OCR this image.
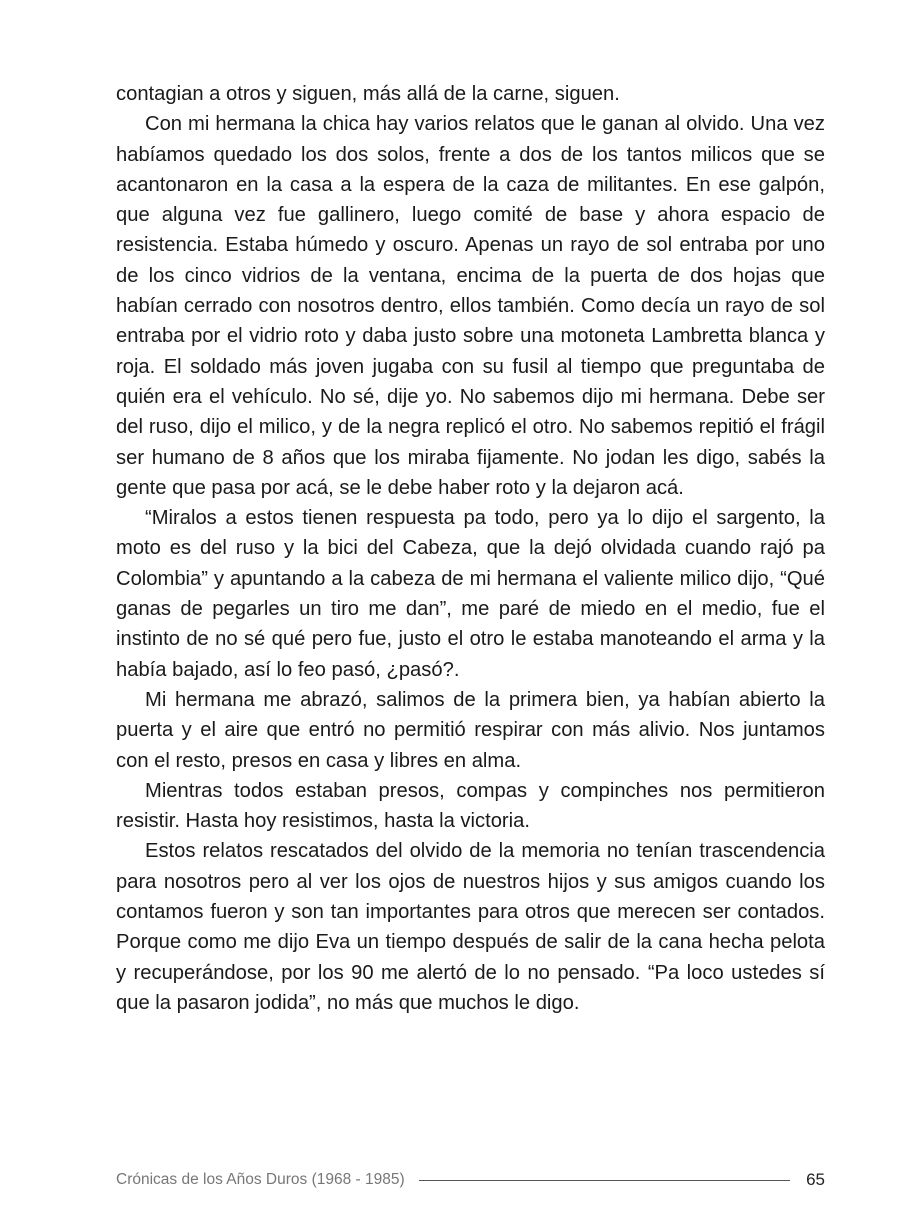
contagian a otros y siguen, más allá de la carne, siguen.

Con mi hermana la chica hay varios relatos que le ganan al olvido. Una vez habíamos quedado los dos solos, frente a dos de los tantos milicos que se acantonaron en la casa a la espera de la caza de militantes. En ese galpón, que alguna vez fue gallinero, luego comité de base y ahora espacio de resistencia. Estaba húmedo y oscuro. Apenas un rayo de sol entraba por uno de los cinco vidrios de la ventana, encima de la puerta de dos hojas que habían cerrado con nosotros dentro, ellos también. Como decía un rayo de sol entraba por el vidrio roto y daba justo sobre una motoneta Lambretta blanca y roja. El soldado más joven jugaba con su fusil al tiempo que preguntaba de quién era el vehículo. No sé, dije yo. No sabemos dijo mi hermana. Debe ser del ruso, dijo el milico, y de la negra replicó el otro. No sabemos repitió el frágil ser humano de 8 años que los miraba fijamente. No jodan les digo, sabés la gente que pasa por acá, se le debe haber roto y la dejaron acá.

“Miralos a estos tienen respuesta pa todo, pero ya lo dijo el sargento, la moto es del ruso y la bici del Cabeza, que la dejó olvidada cuando rajó pa Colombia” y apuntando a la cabeza de mi hermana el valiente milico dijo, “Qué ganas de pegarles un tiro me dan”, me paré de miedo en el medio, fue el instinto de no sé qué pero fue, justo el otro le estaba manoteando el arma y la había bajado, así lo feo pasó, ¿pasó?.

Mi hermana me abrazó, salimos de la primera bien, ya habían abierto la puerta y el aire que entró no permitió respirar con más alivio. Nos juntamos con el resto, presos en casa y libres en alma.

Mientras todos estaban presos, compas y compinches nos permitieron resistir. Hasta hoy resistimos, hasta la victoria.

Estos relatos rescatados del olvido de la memoria no tenían trascendencia para nosotros pero al ver los ojos de nuestros hijos y sus amigos cuando los contamos fueron y son tan importantes para otros que merecen ser contados. Porque como me dijo Eva un tiempo después de salir de la cana hecha pelota y recuperándose, por los 90 me alertó de lo no pensado. “Pa loco ustedes sí que la pasaron jodida”, no más que muchos le digo.

Crónicas de los Años Duros (1968 - 1985)	65
